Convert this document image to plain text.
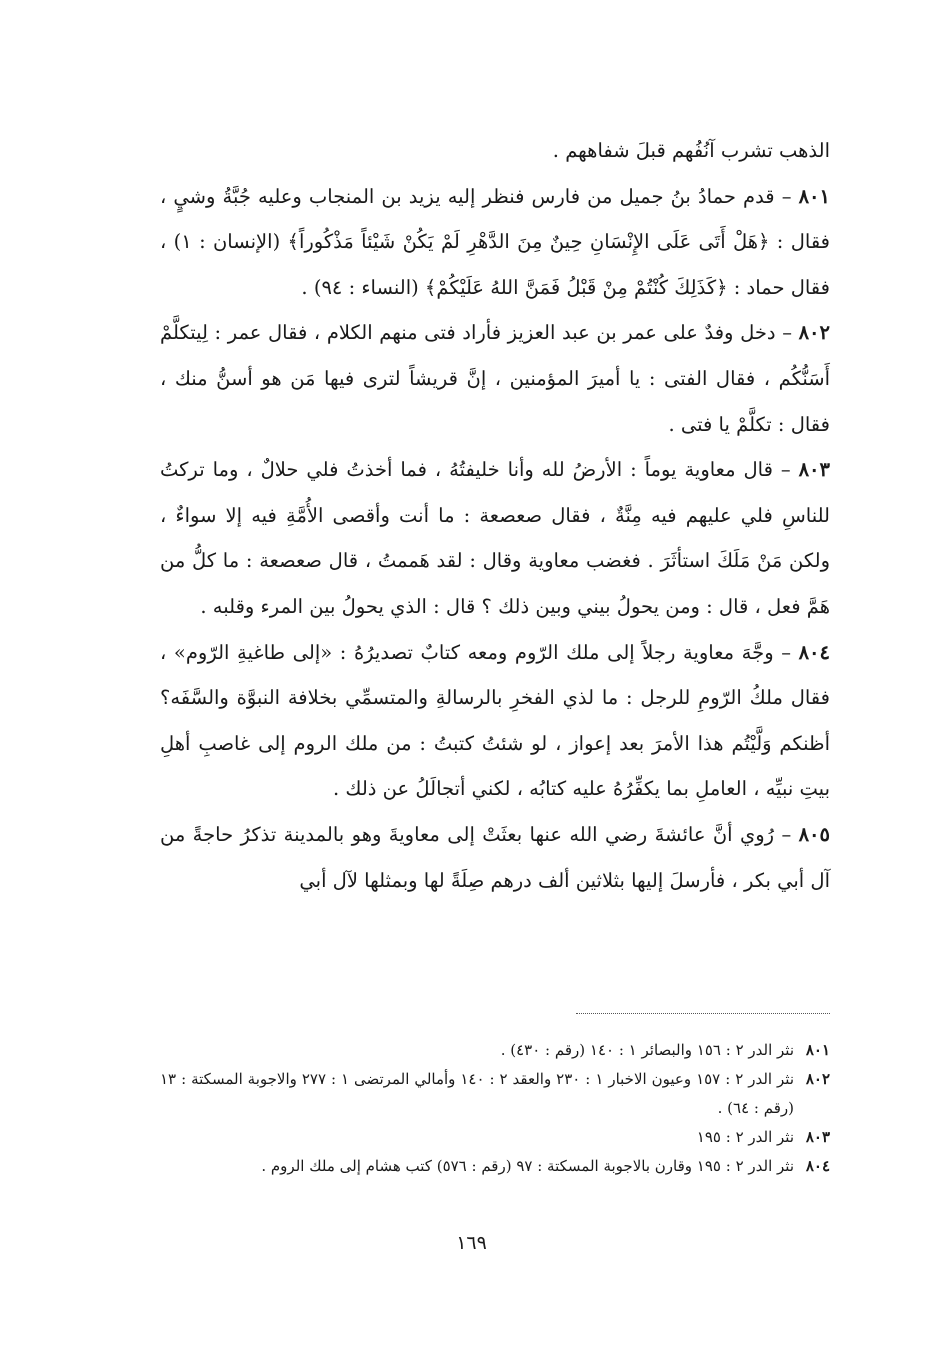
الذهب تشرب آنُفُهم قبلَ شفاههم .

٨٠١ – قدم حمادُ بنُ جميل من فارس فنظر إليه يزيد بن المنجاب وعليه جُبَّةُ وشيٍ ، فقال : ﴿هَلْ أَتَى عَلَى الإِنْسَانِ حِينٌ مِنَ الدَّهْرِ لَمْ يَكُنْ شَيْئاً مَذْكُوراً﴾ (الإنسان : ١) ، فقال حماد : ﴿كَذَلِكَ كُنْتُمْ مِنْ قَبْلُ فَمَنَّ اللهُ عَلَيْكُمْ﴾ (النساء : ٩٤) .

٨٠٢ – دخل وفدٌ على عمر بن عبد العزيز فأراد فتى منهم الكلام ، فقال عمر : لِيتكلَّمْ أَسَنُّكُم ، فقال الفتى : يا أميرَ المؤمنين ، إنَّ قريشاً لترى فيها مَن هو أسنُّ منك ، فقال : تكلَّمْ يا فتى .

٨٠٣ – قال معاوية يوماً : الأرضُ لله وأنا خليفتُهُ ، فما أخذتُ فلي حلالٌ ، وما تركتُ للناسِ فلي عليهم فيه مِنَّةٌ ، فقال صعصعة : ما أنت وأقصى الأُمَّةِ فيه إلا سواءٌ ، ولكن مَنْ مَلَكَ استأثَرَ . فغضب معاوية وقال : لقد هَممتُ ، قال صعصعة : ما كلُّ من هَمَّ فعل ، قال : ومن يحولُ بيني وبين ذلك ؟ قال : الذي يحولُ بين المرء وقلبه .

٨٠٤ – وجَّهَ معاوية رجلاً إلى ملك الرّوم ومعه كتابٌ تصديرُهُ : «إلى طاغيةِ الرّوم» ، فقال ملكُ الرّومِ للرجل : ما لذي الفخرِ بالرسالةِ والمتسمِّي بخلافة النبوَّة والسَّفَه؟ أظنكم وَلَّيْتُم هذا الأمرَ بعد إعواز ، لو شئتُ كتبتُ : من ملك الروم إلى غاصبِ أهلِ بيتِ نبيِّه ، العاملِ بما يكفِّرُهُ عليه كتابُه ، لكني أتجالَلُ عن ذلك .

٨٠٥ – رُوي أنَّ عائشةَ رضي الله عنها بعثَتْ إلى معاويةَ وهو بالمدينة تذكرُ حاجةً من آل أبي بكر ، فأرسلَ إليها بثلاثين ألف درهم صِلَةً لها وبمثلها لآل أبي

٨٠١
نثر الدر ٢ : ١٥٦ والبصائر ١ : ١٤٠ (رقم : ٤٣٠) .
٨٠٢
نثر الدر ٢ : ١٥٧ وعيون الاخبار ١ : ٢٣٠ والعقد ٢ : ١٤٠ وأمالي المرتضى ١ : ٢٧٧ والاجوبة المسكتة : ١٣ (رقم : ٦٤) .
٨٠٣
نثر الدر ٢ : ١٩٥
٨٠٤
نثر الدر ٢ : ١٩٥ وقارن بالاجوبة المسكتة : ٩٧ (رقم : ٥٧٦) كتب هشام إلى ملك الروم .
١٦٩
